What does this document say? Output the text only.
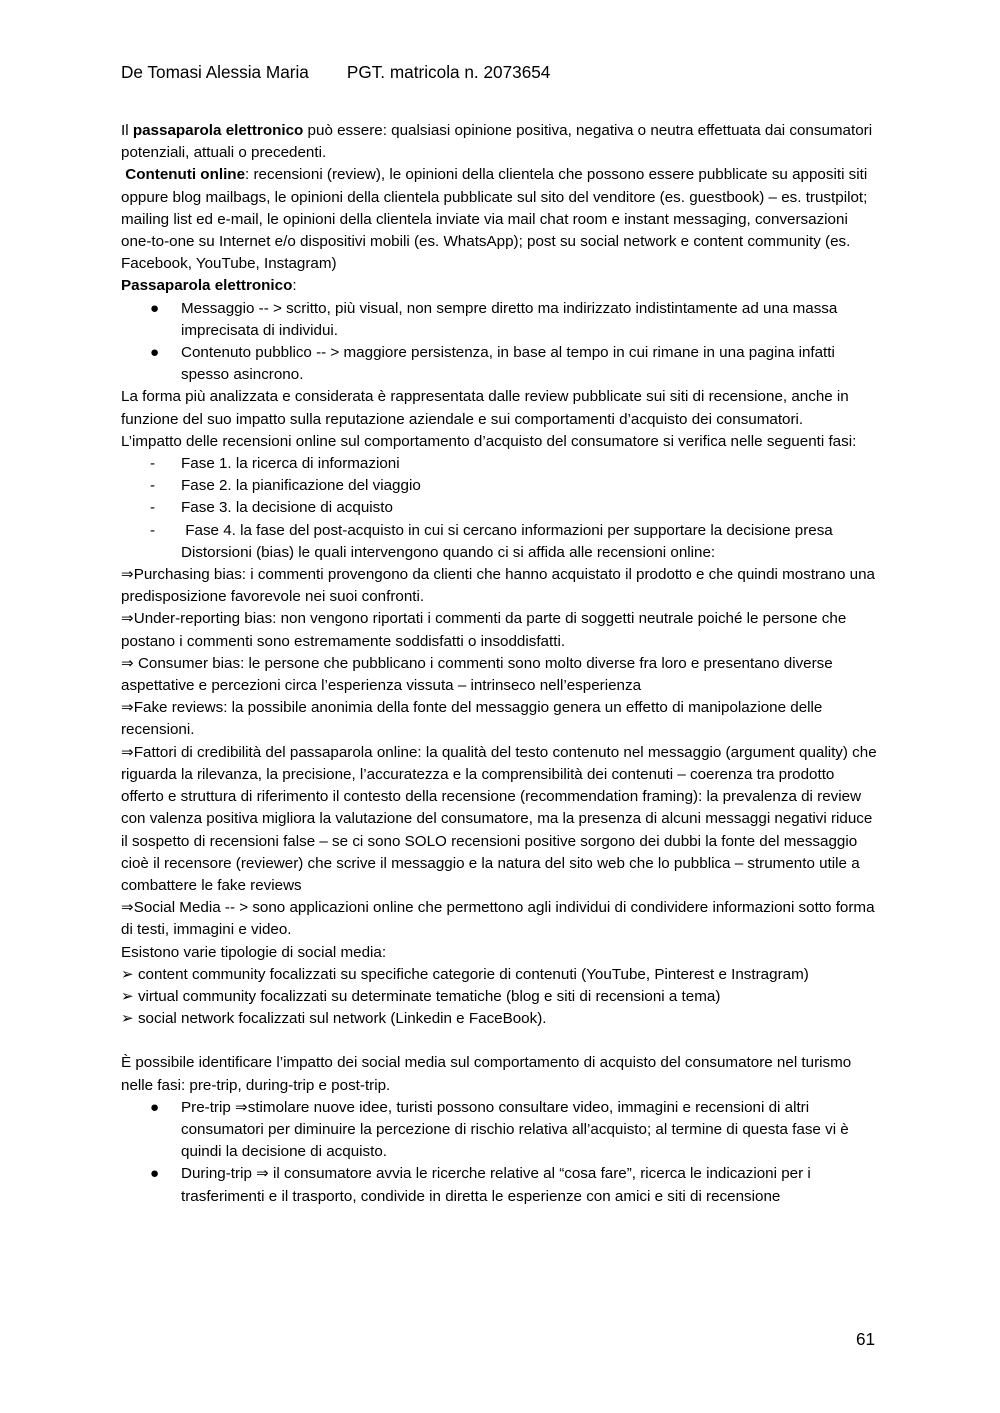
De Tomasi Alessia Maria PGT. matricola n. 2073654

Il passaparola elettronico può essere: qualsiasi opinione positiva, negativa o neutra effettuata dai consumatori potenziali, attuali o precedenti.

Contenuti online: recensioni (review), le opinioni della clientela che possono essere pubblicate su appositi siti oppure blog mailbags, le opinioni della clientela pubblicate sul sito del venditore (es. guestbook) – es. trustpilot; mailing list ed e-mail, le opinioni della clientela inviate via mail chat room e instant messaging, conversazioni one-to-one su Internet e/o dispositivi mobili (es. WhatsApp); post su social network e content community (es. Facebook, YouTube, Instagram)

Passaparola elettronico:

● Messaggio -- > scritto, più visual, non sempre diretto ma indirizzato indistintamente ad una massa imprecisata di individui.
● Contenuto pubblico -- > maggiore persistenza, in base al tempo in cui rimane in una pagina infatti spesso asincrono.

La forma più analizzata e considerata è rappresentata dalle review pubblicate sui siti di recensione, anche in funzione del suo impatto sulla reputazione aziendale e sui comportamenti d’acquisto dei consumatori.

L’impatto delle recensioni online sul comportamento d’acquisto del consumatore si verifica nelle seguenti fasi:

- Fase 1. la ricerca di informazioni
- Fase 2. la pianificazione del viaggio
- Fase 3. la decisione di acquisto
- Fase 4. la fase del post-acquisto in cui si cercano informazioni per supportare la decisione presa Distorsioni (bias) le quali intervengono quando ci si affida alle recensioni online:

⇒Purchasing bias: i commenti provengono da clienti che hanno acquistato il prodotto e che quindi mostrano una predisposizione favorevole nei suoi confronti.

⇒Under-reporting bias: non vengono riportati i commenti da parte di soggetti neutrale poiché le persone che postano i commenti sono estremamente soddisfatti o insoddisfatti.

⇒ Consumer bias: le persone che pubblicano i commenti sono molto diverse fra loro e presentano diverse aspettative e percezioni circa l’esperienza vissuta – intrinseco nell’esperienza

⇒Fake reviews: la possibile anonimia della fonte del messaggio genera un effetto di manipolazione delle recensioni.

⇒Fattori di credibilità del passaparola online: la qualità del testo contenuto nel messaggio (argument quality) che riguarda la rilevanza, la precisione, l’accuratezza e la comprensibilità dei contenuti – coerenza tra prodotto offerto e struttura di riferimento il contesto della recensione (recommendation framing): la prevalenza di review con valenza positiva migliora la valutazione del consumatore, ma la presenza di alcuni messaggi negativi riduce il sospetto di recensioni false – se ci sono SOLO recensioni positive sorgono dei dubbi la fonte del messaggio cioè il recensore (reviewer) che scrive il messaggio e la natura del sito web che lo pubblica – strumento utile a combattere le fake reviews

⇒Social Media -- > sono applicazioni online che permettono agli individui di condividere informazioni sotto forma di testi, immagini e video.

Esistono varie tipologie di social media:

➢ content community focalizzati su specifiche categorie di contenuti (YouTube, Pinterest e Instragram)

➢ virtual community focalizzati su determinate tematiche (blog e siti di recensioni a tema)

➢ social network focalizzati sul network (Linkedin e FaceBook).

È possibile identificare l’impatto dei social media sul comportamento di acquisto del consumatore nel turismo nelle fasi: pre-trip, during-trip e post-trip.

● Pre-trip ⇒stimolare nuove idee, turisti possono consultare video, immagini e recensioni di altri consumatori per diminuire la percezione di rischio relativa all’acquisto; al termine di questa fase vi è quindi la decisione di acquisto.
● During-trip ⇒ il consumatore avvia le ricerche relative al “cosa fare”, ricerca le indicazioni per i trasferimenti e il trasporto, condivide in diretta le esperienze con amici e siti di recensione
61
